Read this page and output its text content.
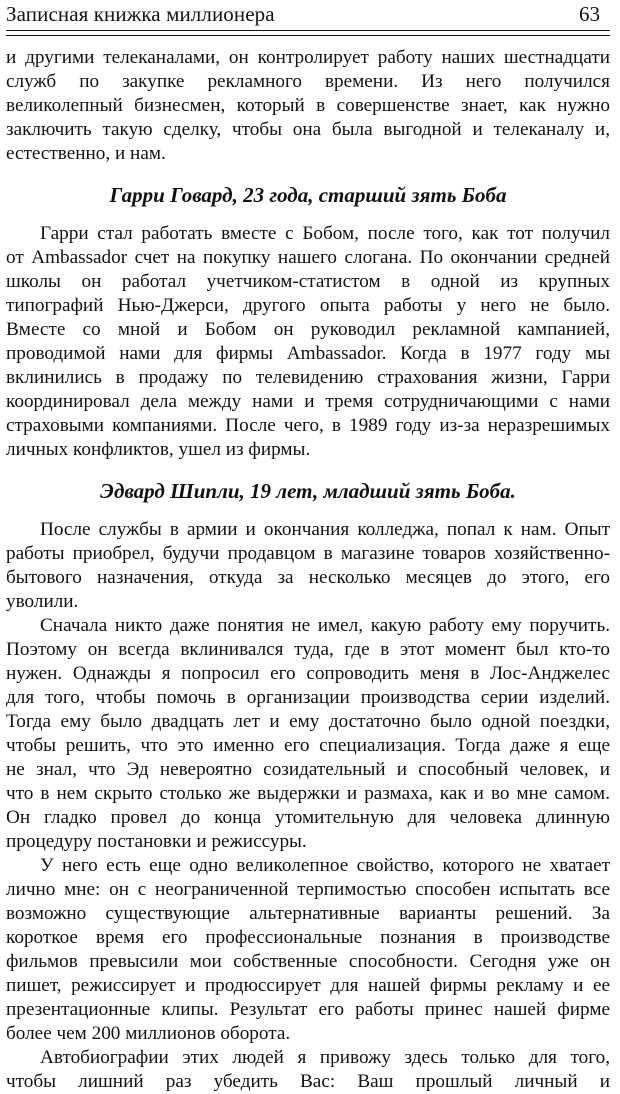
Записная книжка миллионера	63
и другими телеканалами, он контролирует работу наших шестнадцати
служб по закупке рекламного времени. Из него получился
великолепный бизнесмен, который в совершенстве знает, как нужно
заключить такую сделку, чтобы она была выгодной и телеканалу и,
естественно, и нам.
Гарри Говард, 23 года, старший зять Боба
Гарри стал работать вместе с Бобом, после того, как тот получил
от Ambassador счет на покупку нашего слогана. По окончании средней
школы он работал учетчиком-статистом в одной из крупных
типографий Нью-Джерси, другого опыта работы у него не было.
Вместе со мной и Бобом он руководил рекламной кампанией,
проводимой нами для фирмы Ambassador. Когда в 1977 году мы
вклинились в продажу по телевидению страхования жизни, Гарри
координировал дела между нами и тремя сотрудничающими с нами
страховыми компаниями. После чего, в 1989 году из-за неразрешимых
личных конфликтов, ушел из фирмы.
Эдвард Шипли, 19 лет, младший зять Боба.
После службы в армии и окончания колледжа, попал к нам. Опыт
работы приобрел, будучи продавцом в магазине товаров хозяйственно-
бытового назначения, откуда за несколько месяцев до этого, его
уволили.
Сначала никто даже понятия не имел, какую работу ему поручить.
Поэтому он всегда вклинивался туда, где в этот момент был кто-то
нужен. Однажды я попросил его сопроводить меня в Лос-Анджелес
для того, чтобы помочь в организации производства серии изделий.
Тогда ему было двадцать лет и ему достаточно было одной поездки,
чтобы решить, что это именно его специализация. Тогда даже я еще
не знал, что Эд невероятно созидательный и способный человек, и
что в нем скрыто столько же выдержки и размаха, как и во мне самом.
Он гладко провел до конца утомительную для человека длинную
процедуру постановки и режиссуры.
У него есть еще одно великолепное свойство, которого не хватает
лично мне: он с неограниченной терпимостью способен испытать все
возможно существующие альтернативные варианты решений. За
короткое время его профессиональные познания в производстве
фильмов превысили мои собственные способности. Сегодня уже он
пишет, режиссирует и продюссирует для нашей фирмы рекламу и ее
презентационные клипы. Результат его работы принес нашей фирме
более чем 200 миллионов оборота.
Автобиографии этих людей я привожу здесь только для того,
чтобы лишний раз убедить Вас: Ваш прошлый личный и
